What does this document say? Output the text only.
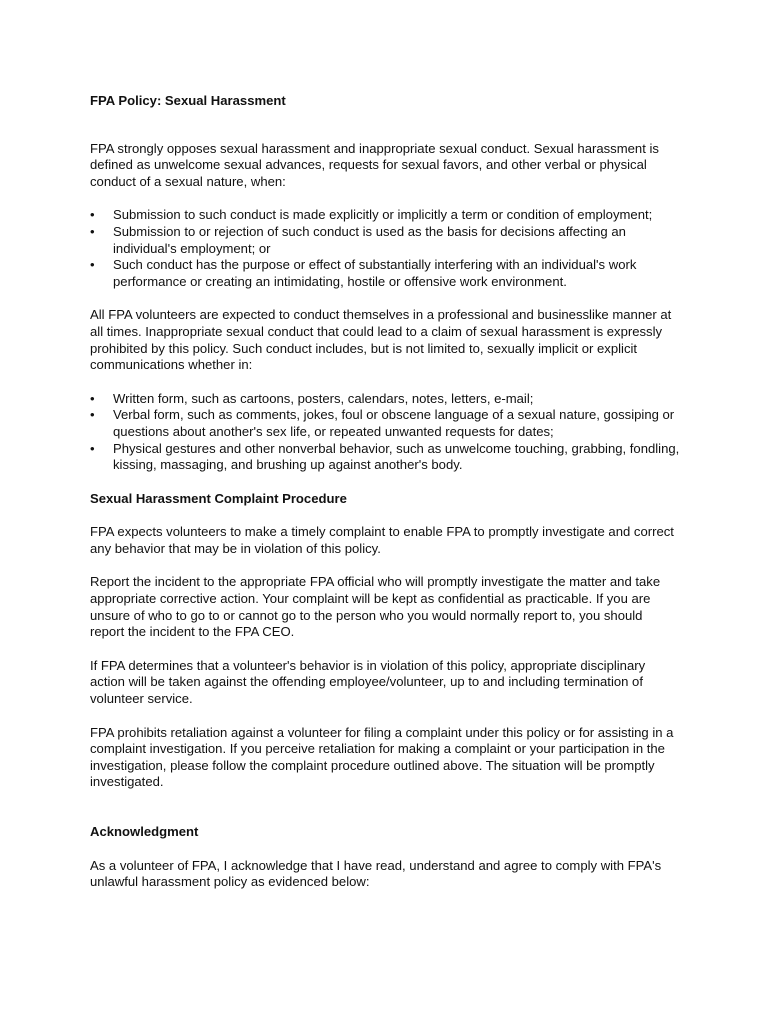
FPA Policy: Sexual Harassment

FPA strongly opposes sexual harassment and inappropriate sexual conduct. Sexual harassment is defined as unwelcome sexual advances, requests for sexual favors, and other verbal or physical conduct of a sexual nature, when:

• Submission to such conduct is made explicitly or implicitly a term or condition of employment;
• Submission to or rejection of such conduct is used as the basis for decisions affecting an individual's employment; or
• Such conduct has the purpose or effect of substantially interfering with an individual's work performance or creating an intimidating, hostile or offensive work environment.

All FPA volunteers are expected to conduct themselves in a professional and businesslike manner at all times. Inappropriate sexual conduct that could lead to a claim of sexual harassment is expressly prohibited by this policy. Such conduct includes, but is not limited to, sexually implicit or explicit communications whether in:

• Written form, such as cartoons, posters, calendars, notes, letters, e-mail;
• Verbal form, such as comments, jokes, foul or obscene language of a sexual nature, gossiping or questions about another's sex life, or repeated unwanted requests for dates;
• Physical gestures and other nonverbal behavior, such as unwelcome touching, grabbing, fondling, kissing, massaging, and brushing up against another's body.

Sexual Harassment Complaint Procedure

FPA expects volunteers to make a timely complaint to enable FPA to promptly investigate and correct any behavior that may be in violation of this policy.

Report the incident to the appropriate FPA official who will promptly investigate the matter and take appropriate corrective action. Your complaint will be kept as confidential as practicable. If you are unsure of who to go to or cannot go to the person who you would normally report to, you should report the incident to the FPA CEO.

If FPA determines that a volunteer's behavior is in violation of this policy, appropriate disciplinary action will be taken against the offending employee/volunteer, up to and including termination of volunteer service.

FPA prohibits retaliation against a volunteer for filing a complaint under this policy or for assisting in a complaint investigation. If you perceive retaliation for making a complaint or your participation in the investigation, please follow the complaint procedure outlined above. The situation will be promptly investigated.

Acknowledgment

As a volunteer of FPA, I acknowledge that I have read, understand and agree to comply with FPA's unlawful harassment policy as evidenced below:
